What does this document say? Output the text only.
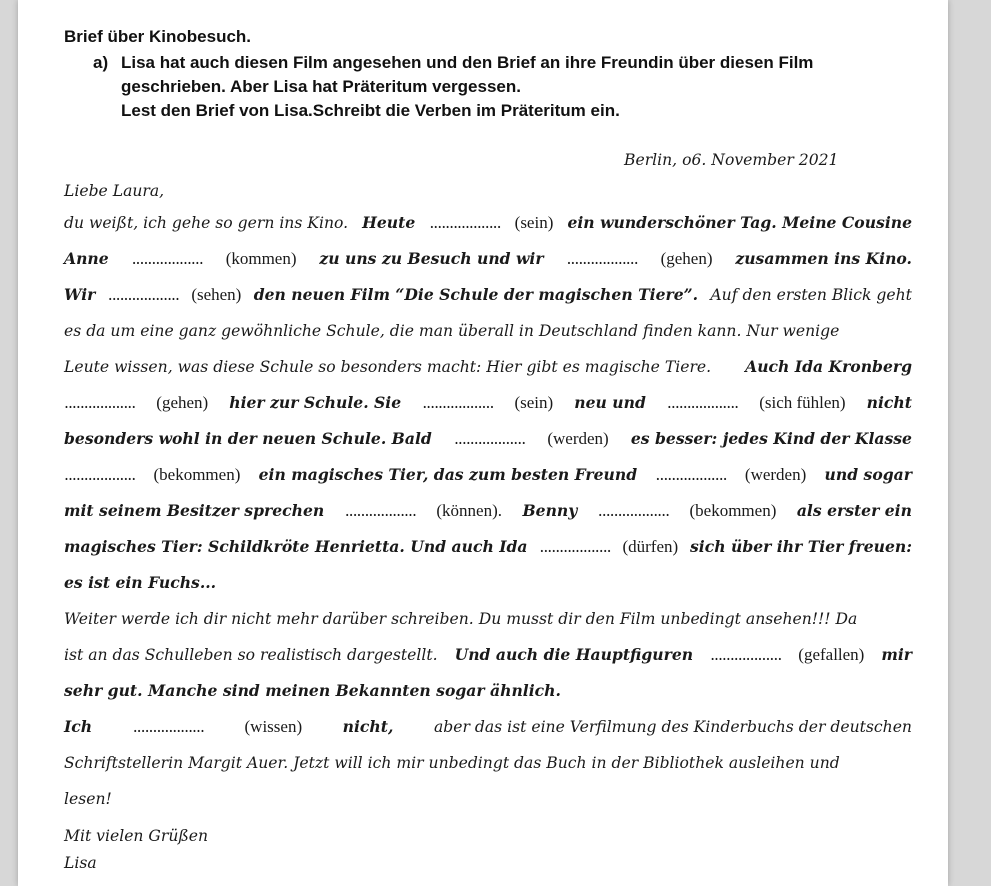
Brief über Kinobesuch.
a) Lisa hat auch diesen Film angesehen und den Brief an ihre Freundin über diesen Film
geschrieben. Aber Lisa hat Präteritum vergessen.
Lest den Brief von Lisa.Schreibt die Verben im Präteritum ein.
Berlin, o6. November 2021
Liebe Laura,
du weißt, ich gehe so gern ins Kino. Heute .................. (sein) ein wunderschöner Tag. Meine Cousine
Anne .................. (kommen) zu uns zu Besuch und wir .................. (gehen) zusammen ins Kino.
Wir .................. (sehen) den neuen Film “Die Schule der magischen Tiere”. Auf den ersten Blick geht
es da um eine ganz gewöhnliche Schule, die man überall in Deutschland finden kann. Nur wenige
Leute wissen, was diese Schule so besonders macht: Hier gibt es magische Tiere. Auch Ida Kronberg
.................. (gehen) hier zur Schule. Sie .................. (sein) neu und .................. (sich fühlen) nicht
besonders wohl in der neuen Schule. Bald .................. (werden) es besser: jedes Kind der Klasse
.................. (bekommen) ein magisches Tier, das zum besten Freund .................. (werden) und sogar
mit seinem Besitzer sprechen .................. (können). Benny .................. (bekommen) als erster ein
magisches Tier: Schildkröte Henrietta. Und auch Ida .................. (dürfen) sich über ihr Tier freuen:
es ist ein Fuchs...
Weiter werde ich dir nicht mehr darüber schreiben. Du musst dir den Film unbedingt ansehen!!! Da
ist an das Schulleben so realistisch dargestellt. Und auch die Hauptfiguren .................. (gefallen) mir
sehr gut. Manche sind meinen Bekannten sogar ähnlich.
Ich	.................. (wissen)	nicht,	aber das ist eine Verfilmung des Kinderbuchs der deutschen
Schriftstellerin Margit Auer. Jetzt will ich mir unbedingt das Buch in der Bibliothek ausleihen und
lesen!
Mit vielen Grüßen
Lisa
